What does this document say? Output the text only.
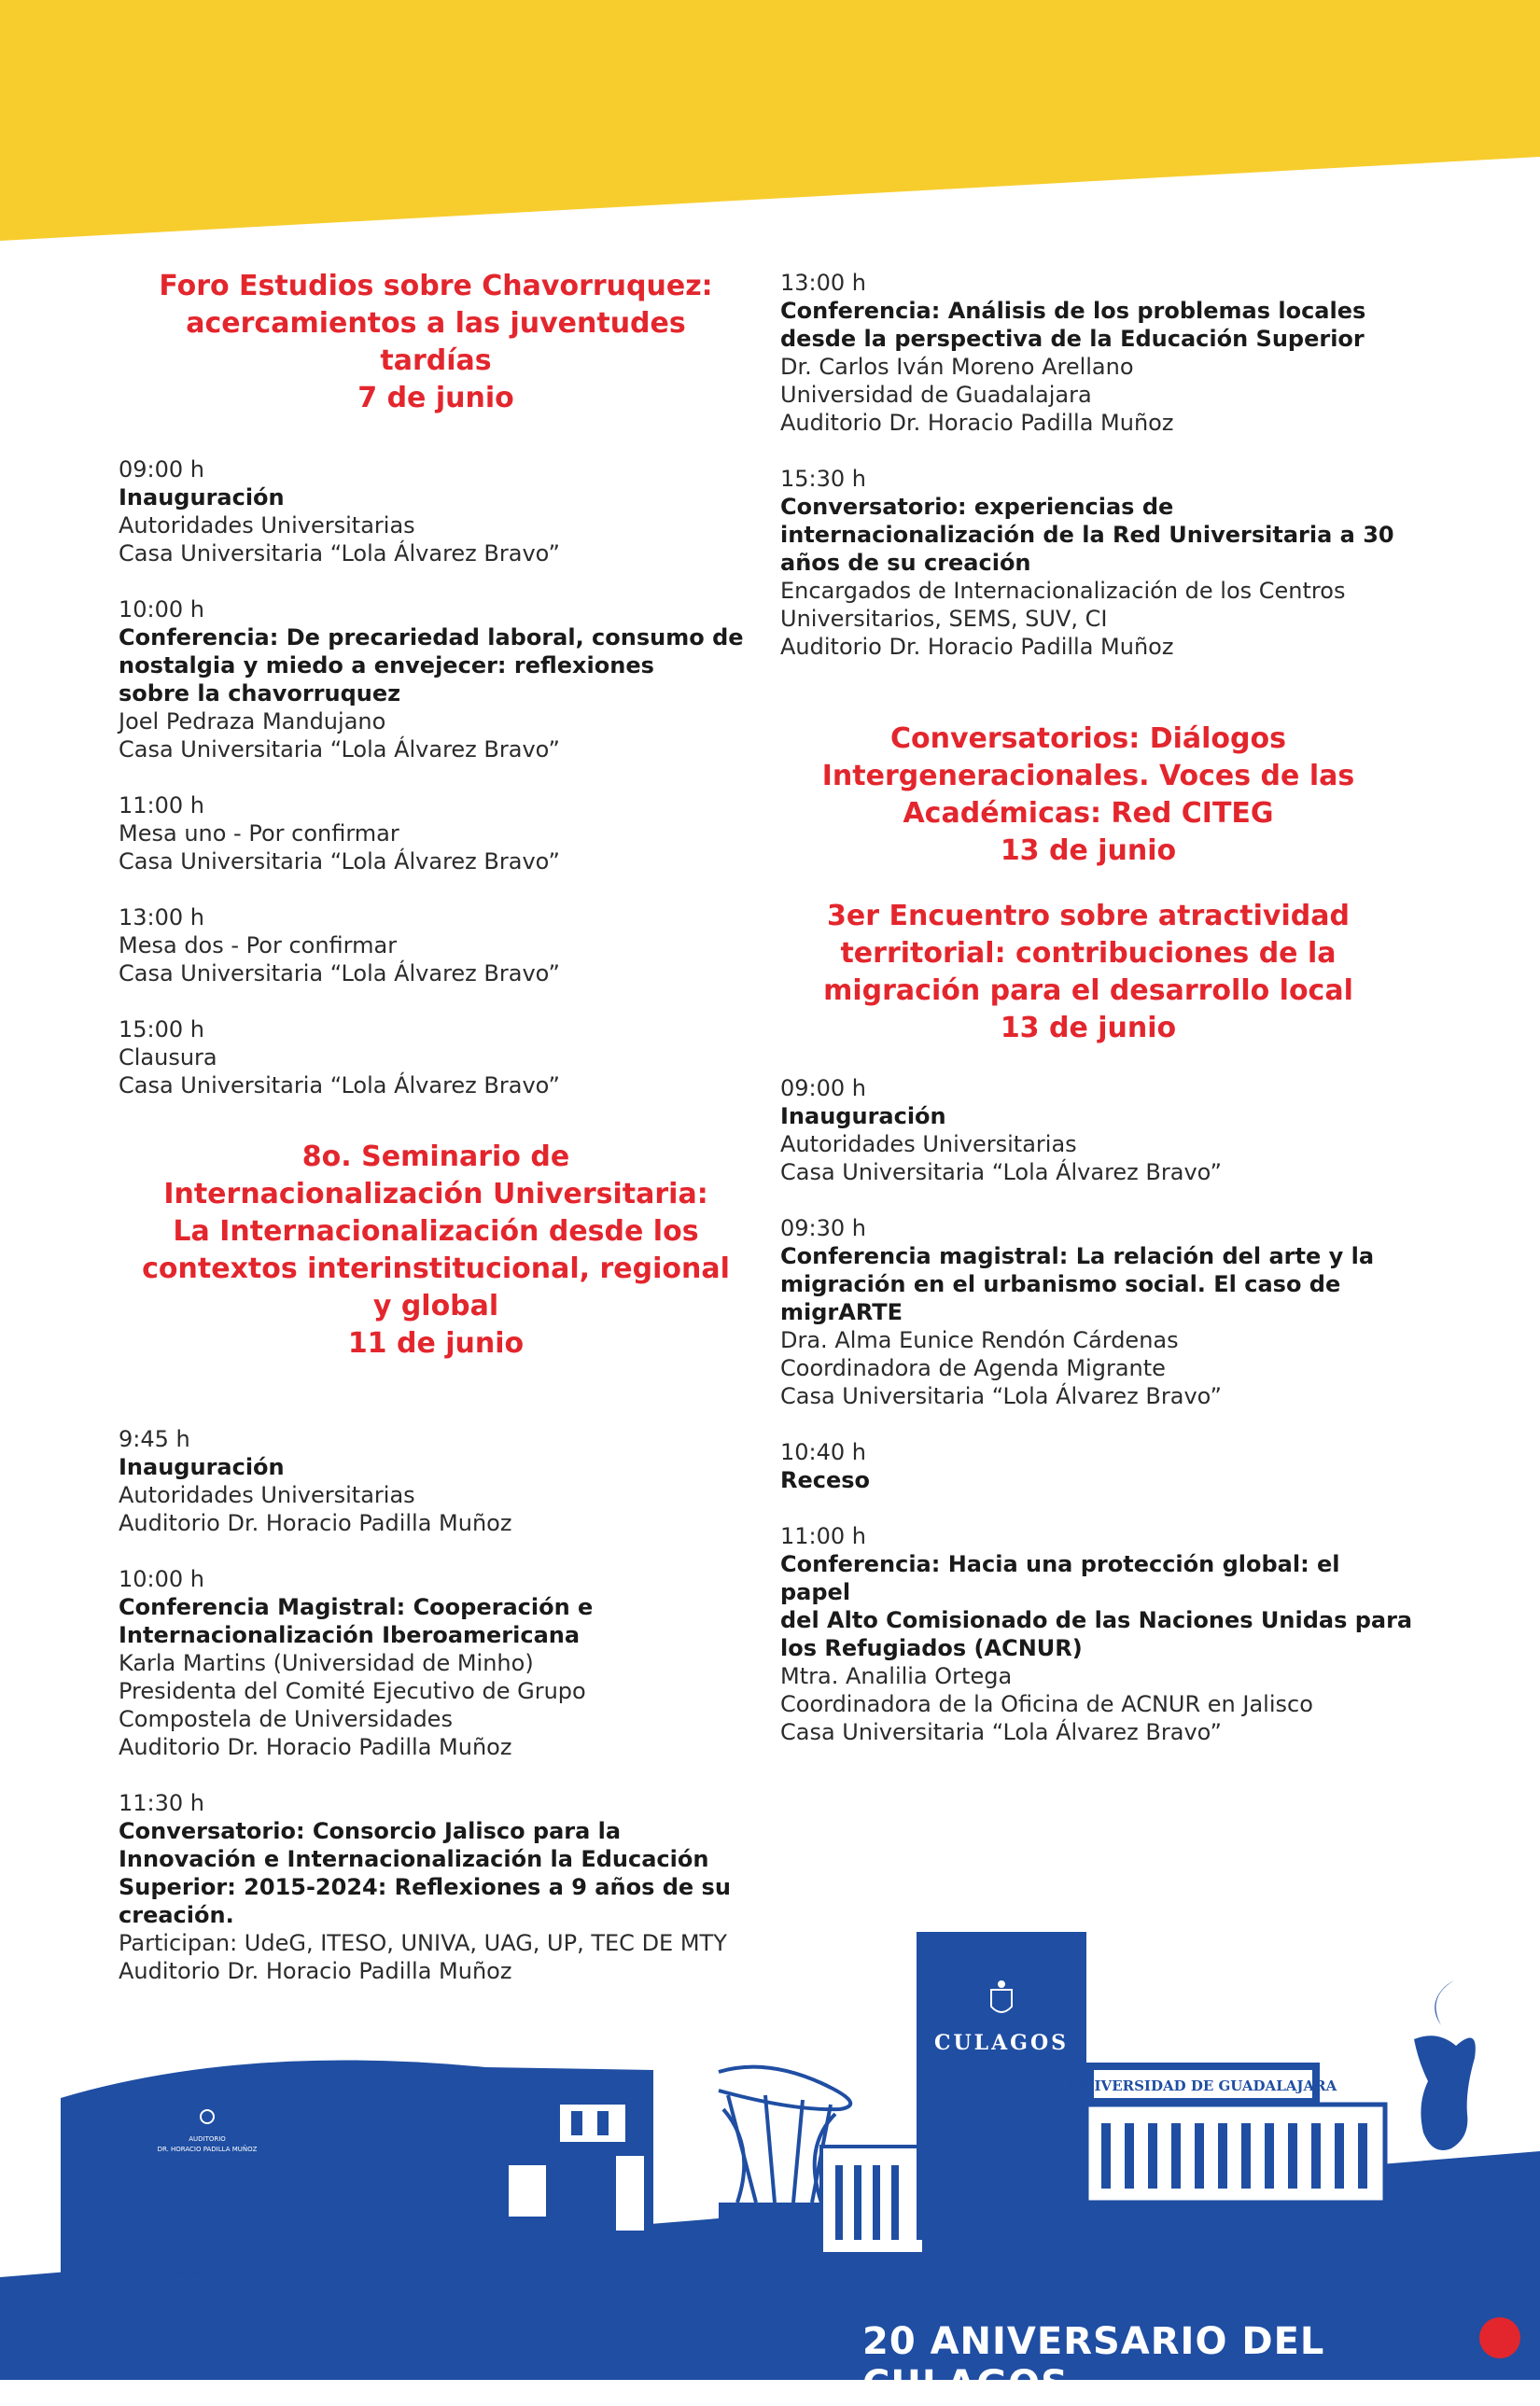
Foro Estudios sobre Chavorruquez:
acercamientos a las juventudes
tardías
7 de junio
09:00 h
Inauguración
Autoridades Universitarias
Casa Universitaria “Lola Álvarez Bravo”
10:00 h
Conferencia: De precariedad laboral, consumo de
nostalgia y miedo a envejecer: reflexiones
sobre la chavorruquez
Joel Pedraza Mandujano
Casa Universitaria “Lola Álvarez Bravo”
11:00 h
Mesa uno - Por confirmar
Casa Universitaria “Lola Álvarez Bravo”
13:00 h
Mesa dos - Por confirmar
Casa Universitaria “Lola Álvarez Bravo”
15:00 h
Clausura
Casa Universitaria “Lola Álvarez Bravo”
8o. Seminario de
Internacionalización Universitaria:
La Internacionalización desde los
contextos interinstitucional, regional
y global
11 de junio
9:45 h
Inauguración
Autoridades Universitarias
Auditorio Dr. Horacio Padilla Muñoz
10:00 h
Conferencia Magistral: Cooperación e
Internacionalización Iberoamericana
Karla Martins (Universidad de Minho)
Presidenta del Comité Ejecutivo de Grupo
Compostela de Universidades
Auditorio Dr. Horacio Padilla Muñoz
11:30 h
Conversatorio: Consorcio Jalisco para la
Innovación e Internacionalización la Educación
Superior: 2015-2024: Reflexiones a 9 años de su
creación.
Participan: UdeG, ITESO, UNIVA, UAG, UP, TEC DE MTY
Auditorio Dr. Horacio Padilla Muñoz
13:00 h
Conferencia: Análisis de los problemas locales
desde la perspectiva de la Educación Superior
Dr. Carlos Iván Moreno Arellano
Universidad de Guadalajara
Auditorio Dr. Horacio Padilla Muñoz
15:30 h
Conversatorio: experiencias de
internacionalización de la Red Universitaria a 30
años de su creación
Encargados de Internacionalización de los Centros
Universitarios, SEMS, SUV, CI
Auditorio Dr. Horacio Padilla Muñoz
Conversatorios: Diálogos
Intergeneracionales. Voces de las
Académicas: Red CITEG
13 de junio
3er Encuentro sobre atractividad
territorial: contribuciones de la
migración para el desarrollo local
13 de junio
09:00 h
Inauguración
Autoridades Universitarias
Casa Universitaria “Lola Álvarez Bravo”
09:30 h
Conferencia magistral: La relación del arte y la
migración en el urbanismo social. El caso de
migrARTE
Dra. Alma Eunice Rendón Cárdenas
Coordinadora de Agenda Migrante
Casa Universitaria “Lola Álvarez Bravo”
10:40 h
Receso
11:00 h
Conferencia: Hacia una protección global: el papel
del Alto Comisionado de las Naciones Unidas para
los Refugiados (ACNUR)
Mtra. Analilia Ortega
Coordinadora de la Oficina de ACNUR en Jalisco
Casa Universitaria “Lola Álvarez Bravo”
AUDITORIO
DR. HORACIO PADILLA MUÑOZ
CULAGOS
UNIVERSIDAD DE GUADALAJARA
20 ANIVERSARIO DEL CULAGOS
